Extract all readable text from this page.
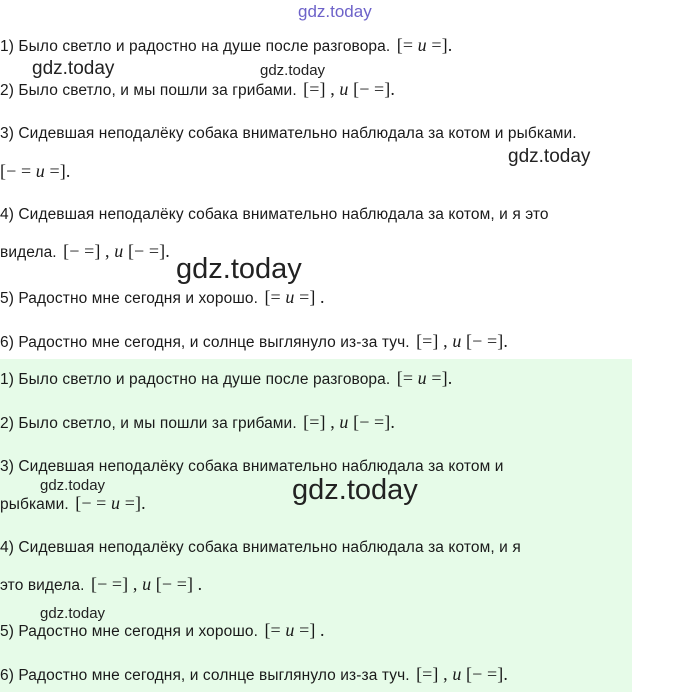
1) Было светло и радостно на душе после разговора. [= и =].
2) Было светло, и мы пошли за грибами. [=] , и [− =].
3) Сидевшая неподалёку собака внимательно наблюдала за котом и рыбками.
[− = и =].
4) Сидевшая неподалёку собака внимательно наблюдала за котом, и я это
видела. [− =] , и [− =].
5) Радостно мне сегодня и хорошо. [= и =] .
6) Радостно мне сегодня, и солнце выглянуло из-за туч. [=] , и [− =].
1) Было светло и радостно на душе после разговора. [= и =].
2) Было светло, и мы пошли за грибами. [=] , и [− =].
3) Сидевшая неподалёку собака внимательно наблюдала за котом и
рыбками. [− = и =].
4) Сидевшая неподалёку собака внимательно наблюдала за котом, и я
это видела. [− =] , и [− =] .
5) Радостно мне сегодня и хорошо. [= и =] .
6) Радостно мне сегодня, и солнце выглянуло из-за туч. [=] , и [− =].
gdz.today
gdz.today	gdz.today
gdz.today
gdz.today
gdz.today
gdz.today
gdz.today
